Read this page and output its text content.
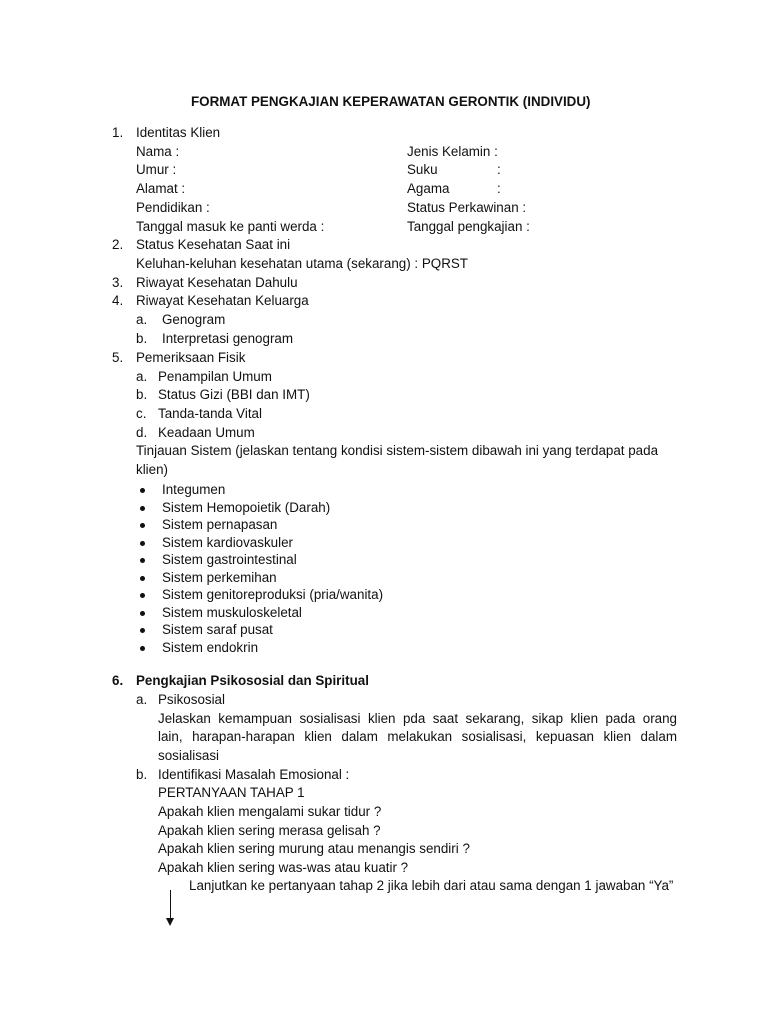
FORMAT PENGKAJIAN KEPERAWATAN GERONTIK (INDIVIDU)
1. Identitas Klien
Nama :
Umur :
Alamat :
Pendidikan :
Tanggal masuk ke panti werda :
Jenis Kelamin :
Suku	:
Agama	:
Status Perkawinan :
Tanggal pengkajian :
2. Status Kesehatan Saat ini
Keluhan-keluhan kesehatan utama (sekarang) : PQRST
3. Riwayat Kesehatan Dahulu
4. Riwayat Kesehatan Keluarga
a. Genogram
b. Interpretasi genogram
5. Pemeriksaan Fisik
a. Penampilan Umum
b. Status Gizi (BBI dan IMT)
c. Tanda-tanda Vital
d. Keadaan Umum
Tinjauan Sistem (jelaskan tentang kondisi sistem-sistem dibawah ini yang terdapat pada
klien)
Integumen
Sistem Hemopoietik (Darah)
Sistem pernapasan
Sistem kardiovaskuler
Sistem gastrointestinal
Sistem perkemihan
Sistem genitoreproduksi (pria/wanita)
Sistem muskuloskeletal
Sistem saraf pusat
Sistem endokrin
6. Pengkajian Psikososial dan Spiritual
a. Psikososial
Jelaskan kemampuan sosialisasi klien pda saat sekarang, sikap klien pada orang
lain, harapan-harapan klien dalam melakukan sosialisasi, kepuasan klien dalam
sosialisasi
b. Identifikasi Masalah Emosional :
PERTANYAAN TAHAP 1
Apakah klien mengalami sukar tidur ?
Apakah klien sering merasa gelisah ?
Apakah klien sering murung atau menangis sendiri ?
Apakah klien sering was-was atau kuatir ?
Lanjutkan ke pertanyaan tahap 2 jika lebih dari atau sama dengan 1 jawaban “Ya”
